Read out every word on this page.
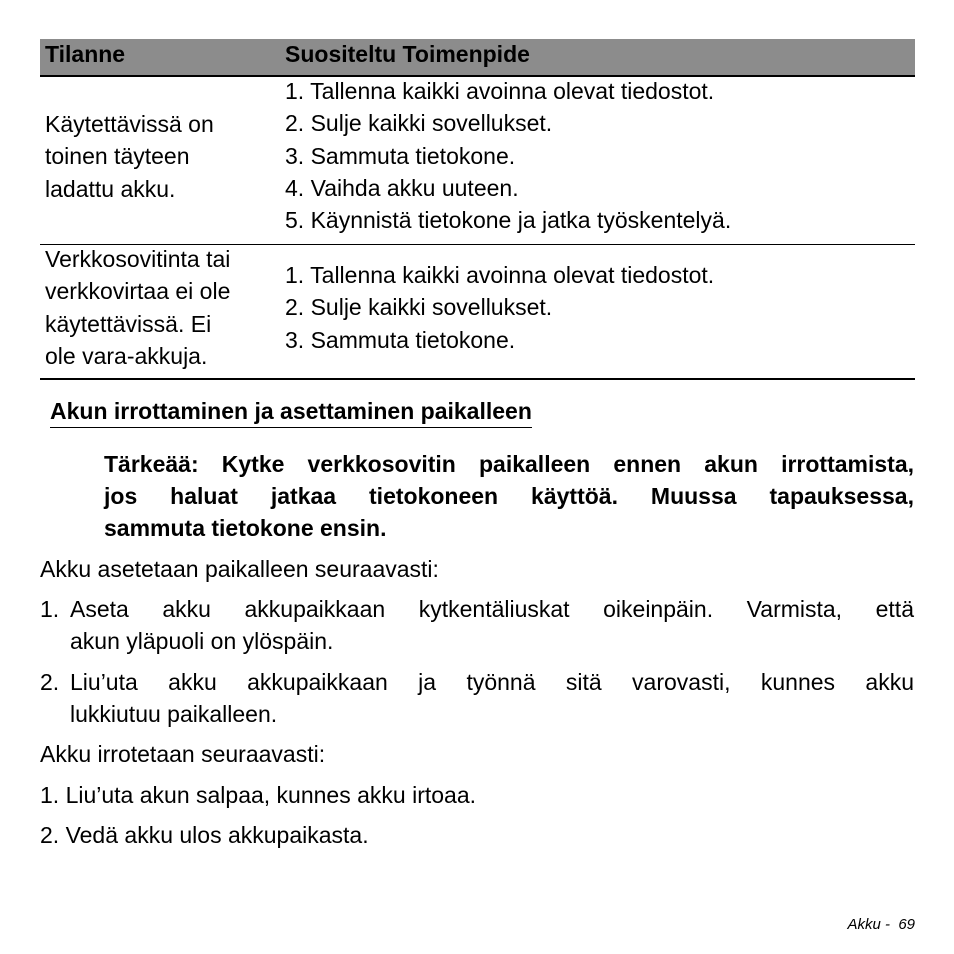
Tilanne	Suositeltu Toimenpide
Käytettävissä on
toinen täyteen
ladattu akku.
1. Tallenna kaikki avoinna olevat tiedostot.
2. Sulje kaikki sovellukset.
3. Sammuta tietokone.
4. Vaihda akku uuteen.
5. Käynnistä tietokone ja jatka työskentelyä.
Verkkosovitinta tai
verkkovirtaa ei ole
käytettävissä. Ei
ole vara-akkuja.
1. Tallenna kaikki avoinna olevat tiedostot.
2. Sulje kaikki sovellukset.
3. Sammuta tietokone.
Akun irrottaminen ja asettaminen paikalleen
Tärkeää: Kytke verkkosovitin paikalleen ennen akun irrottamista,
jos haluat jatkaa tietokoneen käyttöä. Muussa tapauksessa,
sammuta tietokone ensin.
Akku asetetaan paikalleen seuraavasti:
1. Aseta akku akkupaikkaan kytkentäliuskat oikeinpäin. Varmista, että
akun yläpuoli on ylöspäin.
2. Liu’uta akku akkupaikkaan ja työnnä sitä varovasti, kunnes akku
lukkiutuu paikalleen.
Akku irrotetaan seuraavasti:
1. Liu’uta akun salpaa, kunnes akku irtoaa.
2. Vedä akku ulos akkupaikasta.
Akku - 69
